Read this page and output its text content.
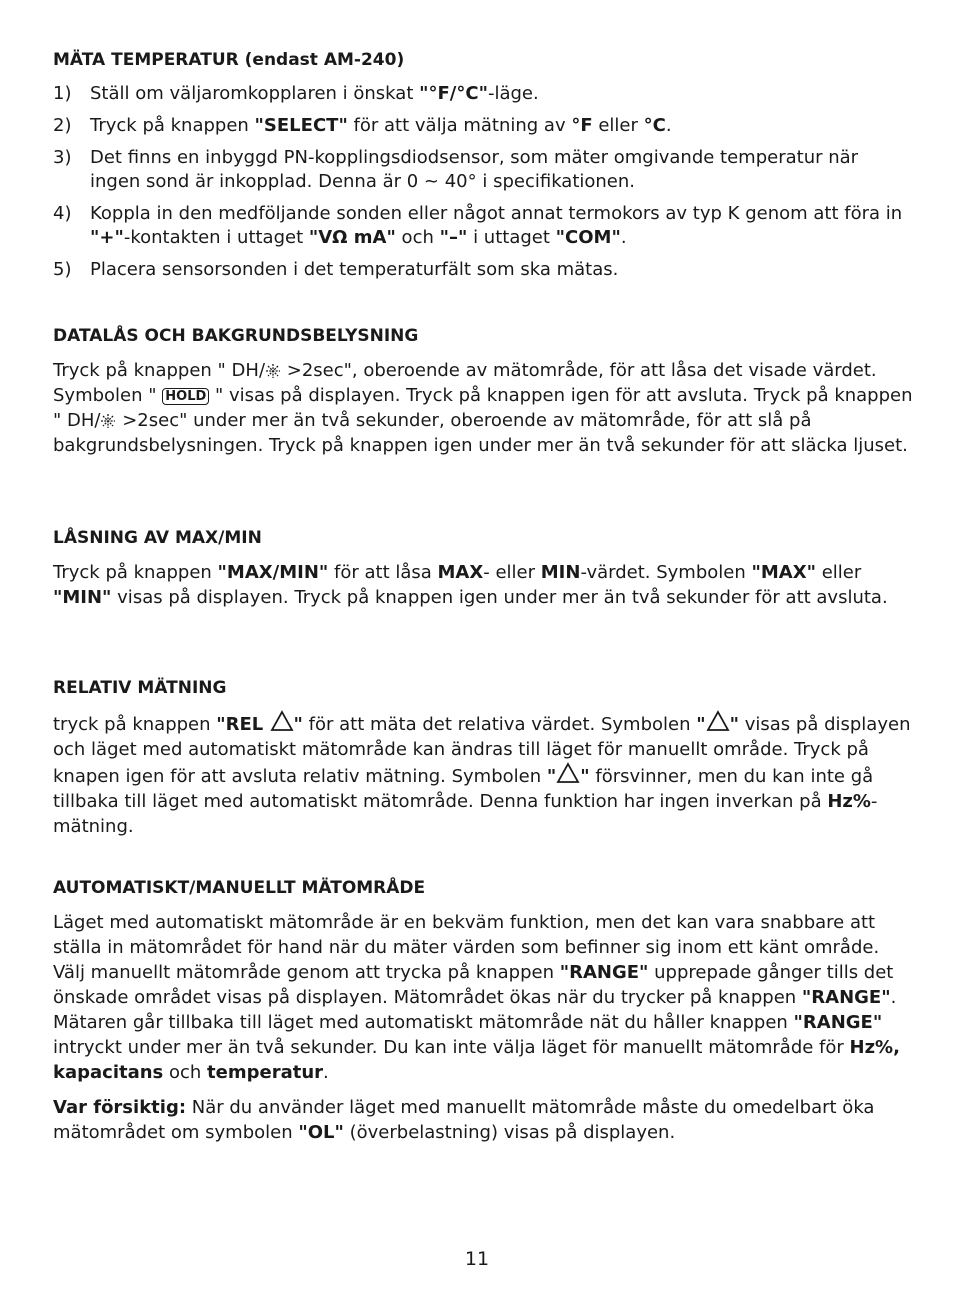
MÄTA TEMPERATUR (endast AM-240)

1)	Ställ om väljaromkopplaren i önskat "°F/°C"-läge.
2)	Tryck på knappen "SELECT" för att välja mätning av °F eller °C.
3)	Det finns en inbyggd PN-kopplingsdiodsensor, som mäter omgivande temperatur när ingen sond är inkopplad. Denna är 0 ~ 40° i specifikationen.
4)	Koppla in den medföljande sonden eller något annat termokors av typ K genom att föra in "+"-kontakten i uttaget "VΩ mA" och "–" i uttaget "COM".
5)	Placera sensorsonden i det temperaturfält som ska mätas.

DATALÅS OCH BAKGRUNDSBELYSNING

Tryck på knappen " DH/ >2sec", oberoende av mätområde, för att låsa det visade värdet. Symbolen " HOLD " visas på displayen. Tryck på knappen igen för att avsluta. Tryck på knappen " DH/ >2sec" under mer än två sekunder, oberoende av mätområde, för att slå på bakgrundsbelysningen. Tryck på knappen igen under mer än två sekunder för att släcka ljuset.

LÅSNING AV MAX/MIN

Tryck på knappen "MAX/MIN" för att låsa MAX- eller MIN-värdet. Symbolen "MAX" eller "MIN" visas på displayen. Tryck på knappen igen under mer än två sekunder för att avsluta.

RELATIV MÄTNING

tryck på knappen "REL " för att mäta det relativa värdet. Symbolen " " visas på displayen och läget med automatiskt mätområde kan ändras till läget för manuellt område. Tryck på knapen igen för att avsluta relativ mätning. Symbolen " " försvinner, men du kan inte gå tillbaka till läget med automatiskt mätområde. Denna funktion har ingen inverkan på Hz%-mätning.

AUTOMATISKT/MANUELLT MÄTOMRÅDE

Läget med automatiskt mätområde är en bekväm funktion, men det kan vara snabbare att ställa in mätområdet för hand när du mäter värden som befinner sig inom ett känt område. Välj manuellt mätområde genom att trycka på knappen "RANGE" upprepade gånger tills det önskade området visas på displayen. Mätområdet ökas när du trycker på knappen "RANGE". Mätaren går tillbaka till läget med automatiskt mätområde nät du håller knappen "RANGE" intryckt under mer än två sekunder. Du kan inte välja läget för manuellt mätområde för Hz%, kapacitans och temperatur.

Var försiktig: När du använder läget med manuellt mätområde måste du omedelbart öka mätområdet om symbolen "OL" (överbelastning) visas på displayen.

11
